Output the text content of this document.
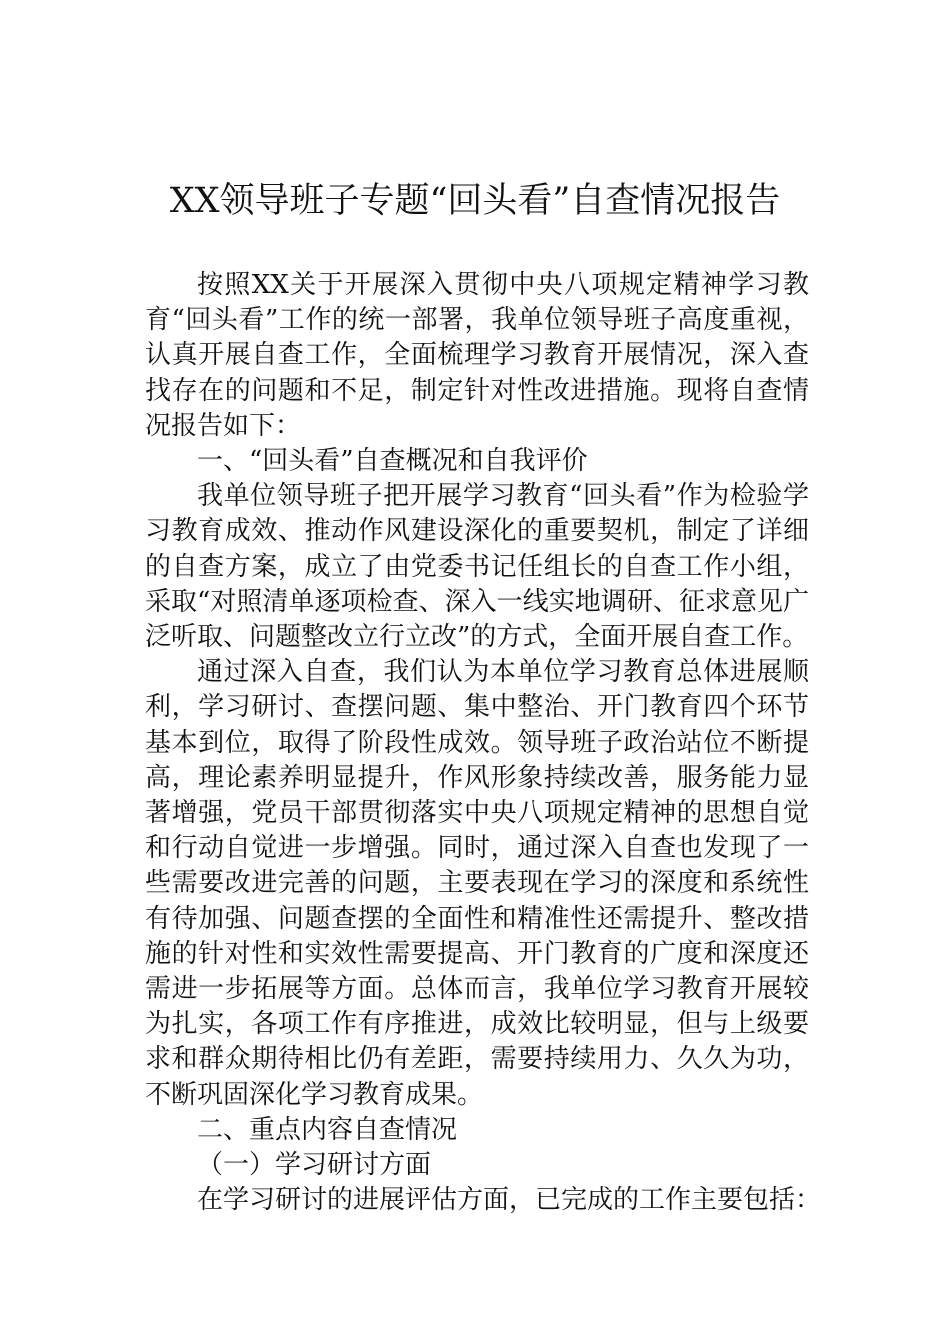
XX领导班子专题“回头看”自查情况报告

按照XX关于开展深入贯彻中央八项规定精神学习教育“回头看”工作的统一部署，我单位领导班子高度重视，认真开展自查工作，全面梳理学习教育开展情况，深入查找存在的问题和不足，制定针对性改进措施。现将自查情况报告如下：

一、“回头看”自查概况和自我评价

我单位领导班子把开展学习教育“回头看”作为检验学习教育成效、推动作风建设深化的重要契机，制定了详细的自查方案，成立了由党委书记任组长的自查工作小组，采取“对照清单逐项检查、深入一线实地调研、征求意见广泛听取、问题整改立行立改”的方式，全面开展自查工作。

通过深入自查，我们认为本单位学习教育总体进展顺利，学习研讨、查摆问题、集中整治、开门教育四个环节基本到位，取得了阶段性成效。领导班子政治站位不断提高，理论素养明显提升，作风形象持续改善，服务能力显著增强，党员干部贯彻落实中央八项规定精神的思想自觉和行动自觉进一步增强。同时，通过深入自查也发现了一些需要改进完善的问题，主要表现在学习的深度和系统性有待加强、问题查摆的全面性和精准性还需提升、整改措施的针对性和实效性需要提高、开门教育的广度和深度还需进一步拓展等方面。总体而言，我单位学习教育开展较为扎实，各项工作有序推进，成效比较明显，但与上级要求和群众期待相比仍有差距，需要持续用力、久久为功，不断巩固深化学习教育成果。

二、重点内容自查情况

（一）学习研讨方面

在学习研讨的进展评估方面，已完成的工作主要包括：
